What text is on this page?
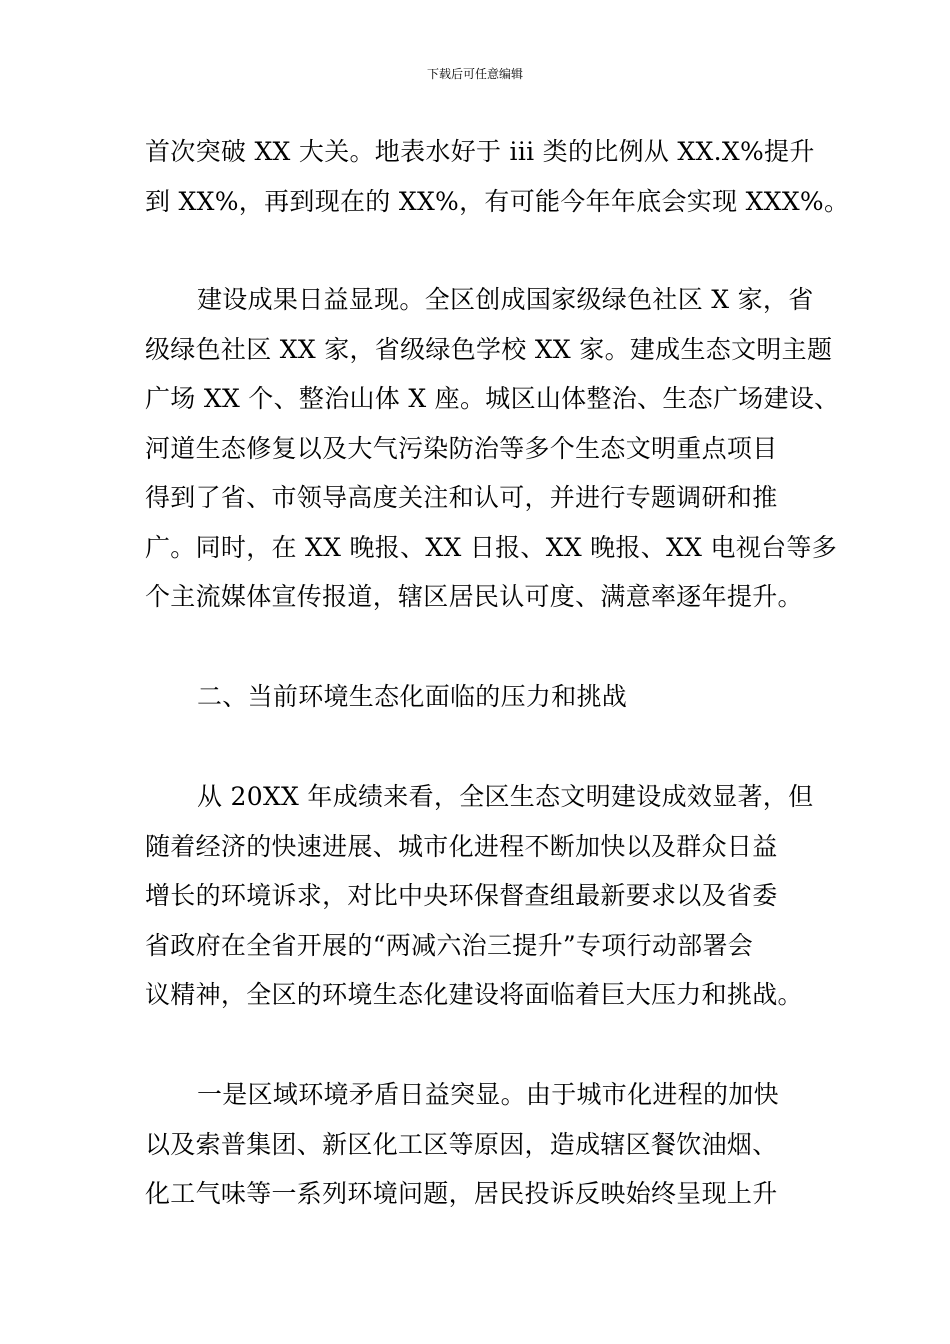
下载后可任意编辑
首次突破 XX 大关。地表水好于 iii 类的比例从 XX.X%提升
到 XX%，再到现在的 XX%，有可能今年年底会实现 XXX%。
建设成果日益显现。全区创成国家级绿色社区 X 家，省
级绿色社区 XX 家，省级绿色学校 XX 家。建成生态文明主题
广场 XX 个、整治山体 X 座。城区山体整治、生态广场建设、
河道生态修复以及大气污染防治等多个生态文明重点项目
得到了省、市领导高度关注和认可，并进行专题调研和推
广。同时，在 XX 晚报、XX 日报、XX 晚报、XX 电视台等多
个主流媒体宣传报道，辖区居民认可度、满意率逐年提升。
二、当前环境生态化面临的压力和挑战
从 20XX 年成绩来看，全区生态文明建设成效显著，但
随着经济的快速进展、城市化进程不断加快以及群众日益
增长的环境诉求，对比中央环保督查组最新要求以及省委
省政府在全省开展的“两减六治三提升”专项行动部署会
议精神，全区的环境生态化建设将面临着巨大压力和挑战。
一是区域环境矛盾日益突显。由于城市化进程的加快
以及索普集团、新区化工区等原因，造成辖区餐饮油烟、
化工气味等一系列环境问题，居民投诉反映始终呈现上升
